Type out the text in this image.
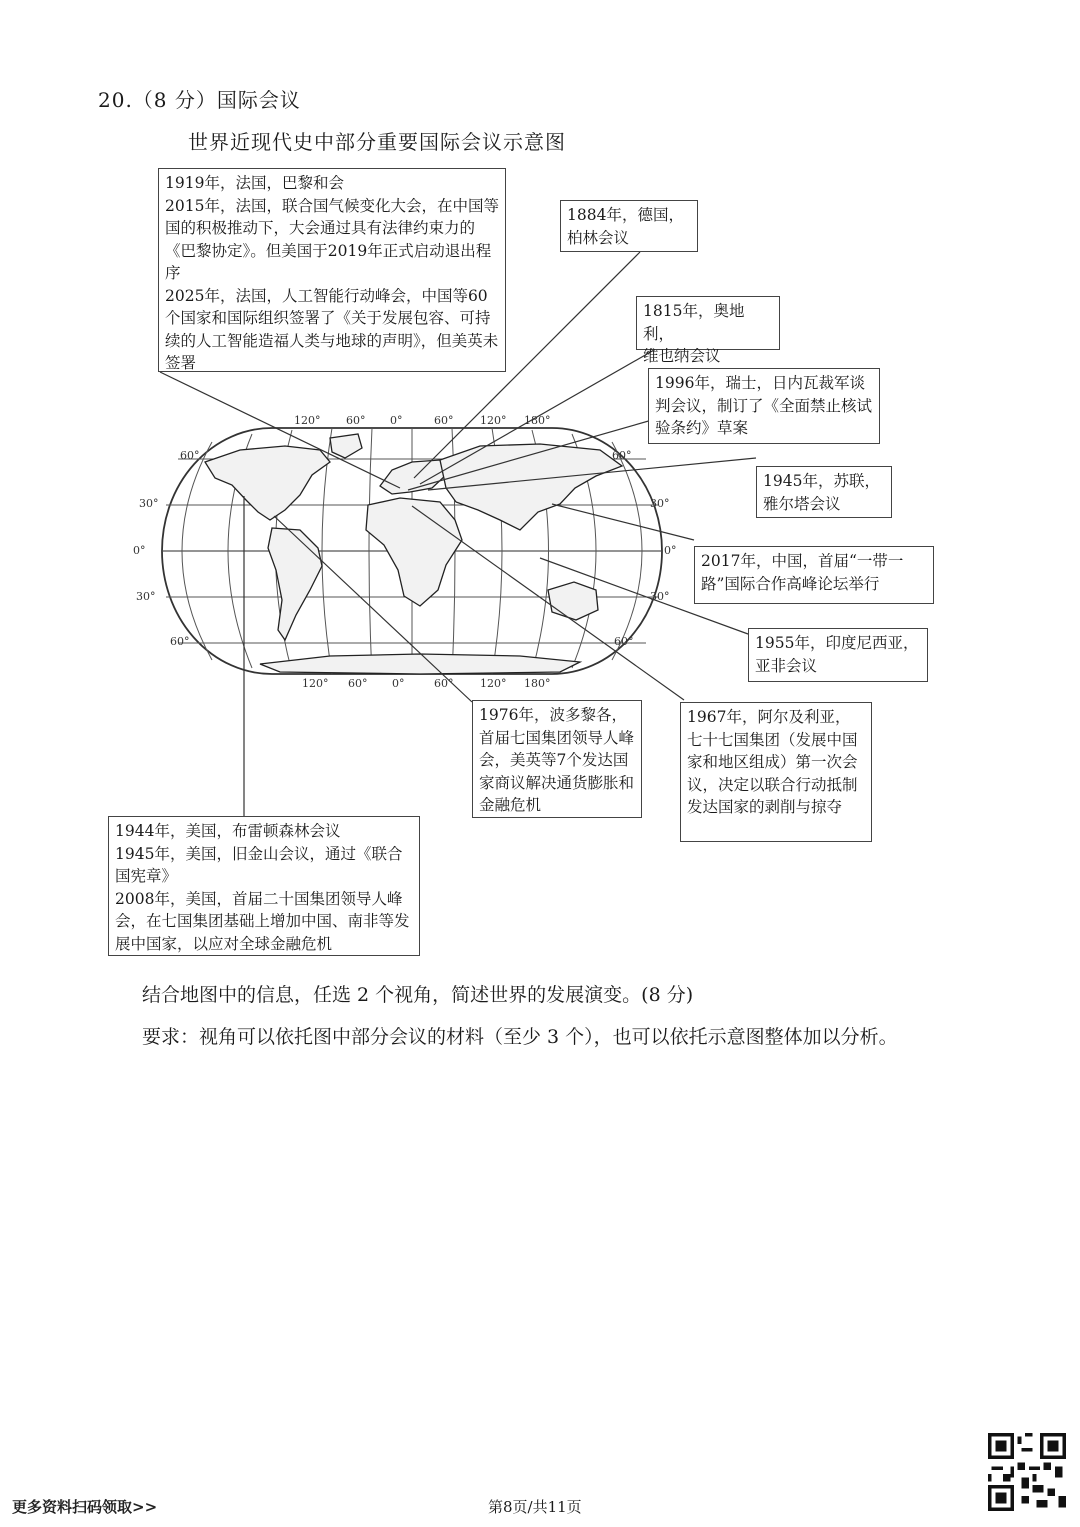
20.（8 分）国际会议
世界近现代史中部分重要国际会议示意图
120° 60° 0°	60° 120° 180°
120° 60° 0°	60° 120° 180°
60°
30°
0°
30°
60°
60°
30°
0°
30°
60°
1919年，法国，巴黎和会
2015年，法国，联合国气候变化大会，在中国等国的积极推动下，大会通过具有法律约束力的《巴黎协定》。但美国于2019年正式启动退出程序
2025年，法国，人工智能行动峰会，中国等60个国家和国际组织签署了《关于发展包容、可持续的人工智能造福人类与地球的声明》，但美英未签署
1884年，德国，
柏林会议
1815年，奥地利，
维也纳会议
1996年，瑞士，日内瓦裁军谈判会议，制订了《全面禁止核试验条约》草案
1945年，苏联，
雅尔塔会议
2017年，中国，首届“一带一路”国际合作高峰论坛举行
1955年，印度尼西亚，
亚非会议
1976年，波多黎各，首届七国集团领导人峰会，美英等7个发达国家商议解决通货膨胀和金融危机
1967年，阿尔及利亚，七十七国集团（发展中国家和地区组成）第一次会议，决定以联合行动抵制发达国家的剥削与掠夺
1944年，美国，布雷顿森林会议
1945年，美国，旧金山会议，通过《联合国宪章》
2008年，美国，首届二十国集团领导人峰会，在七国集团基础上增加中国、南非等发展中国家，以应对全球金融危机
结合地图中的信息，任选 2 个视角，简述世界的发展演变。(8 分)
要求：视角可以依托图中部分会议的材料（至少 3 个），也可以依托示意图整体加以分析。
更多资料扫码领取>>	第8页/共11页
